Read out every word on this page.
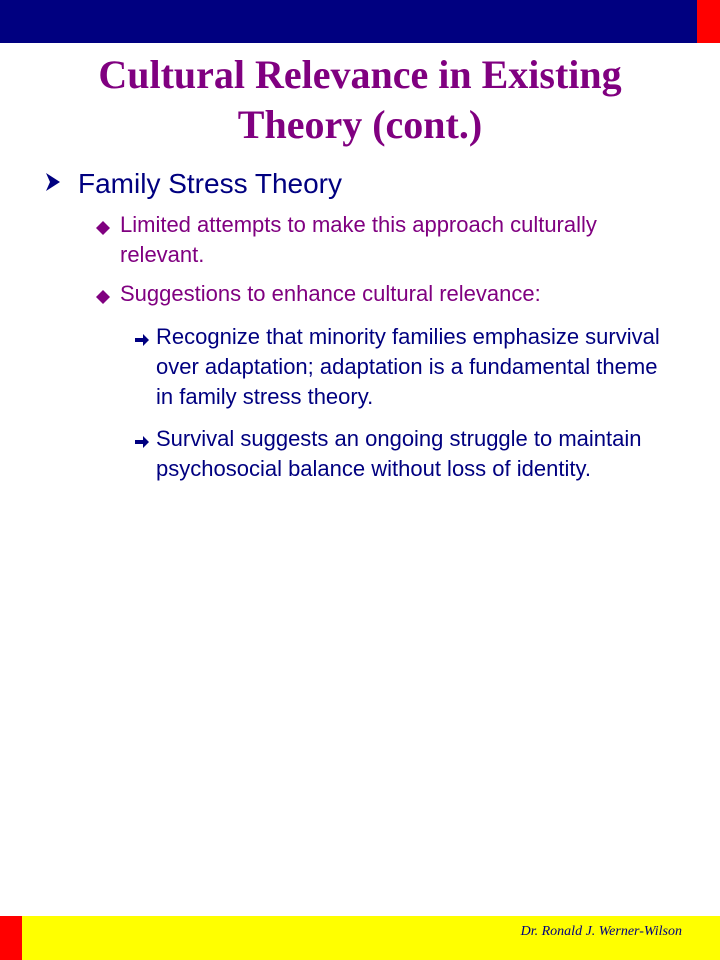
Cultural Relevance in Existing
Theory (cont.)
Family Stress Theory
Limited attempts to make this approach culturally relevant.
Suggestions to enhance cultural relevance:
Recognize that minority families emphasize survival over adaptation; adaptation is a fundamental theme in family stress theory.
Survival suggests an ongoing struggle to maintain psychosocial balance without loss of identity.
Dr. Ronald J. Werner-Wilson
